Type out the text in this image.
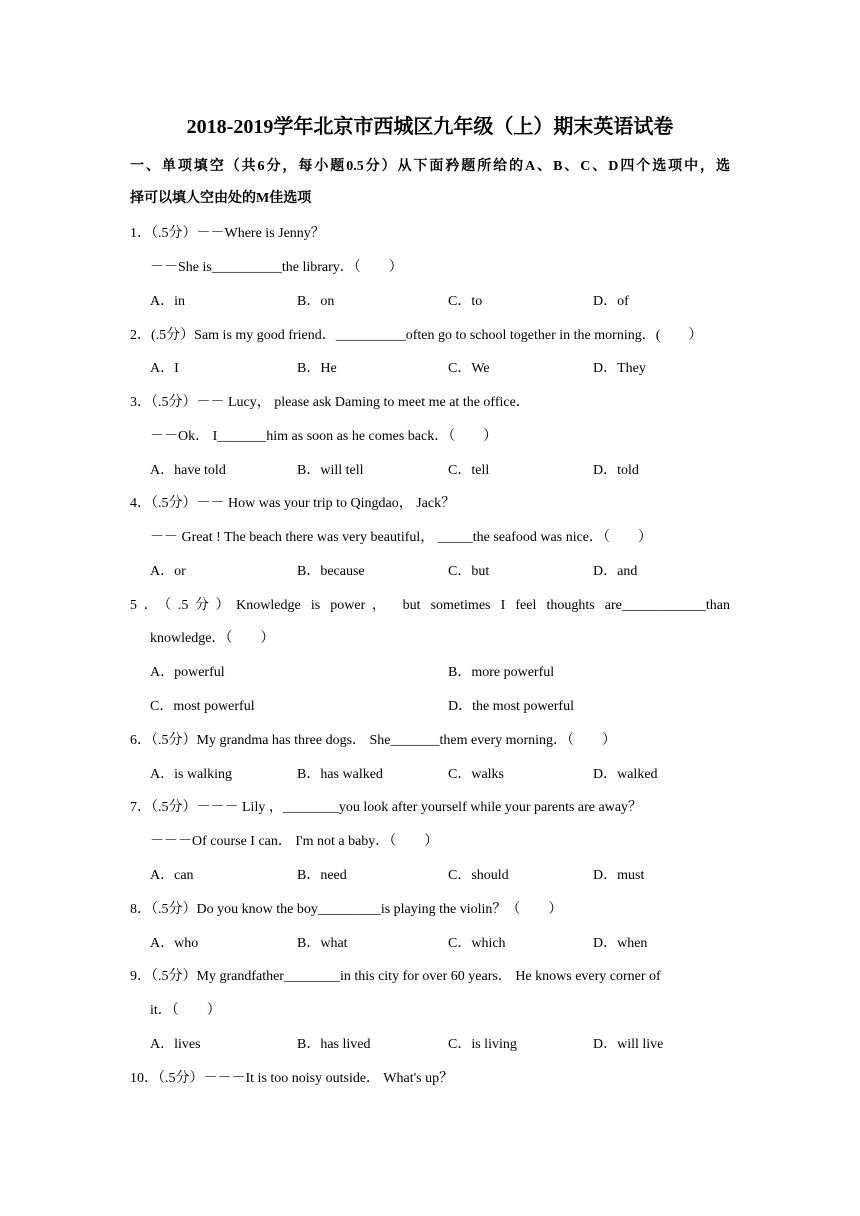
2018-2019学年北京市西城区九年级（上）期末英语试卷
一、单项填空（共6分，每小题0.5分）从下面矜题所给的A、B、C、D四个选项中，选
择可以填人空由处的M佳选项
1．（.5分）－－Where is Jenny？
－－She is__________the library．（　　）
A．in	B．on	C．to	D．of
2．(.5分）Sam is my good friend．__________often go to school together in the morning．(　　）
A．I	B．He	C．We	D．They
3．（.5分）－－ Lucy， please ask Daming to meet me at the office．
－－Ok． I_______him as soon as he comes back．（　　）
A．have told	B．will tell	C．tell	D．told
4．（.5分）－－ How was your trip to Qingdao， Jack？
－－ Great ! The beach there was very beautiful， _____the seafood was nice．（　　）
A．or	B．because	C．but	D．and
5．（.5分）Knowledge is power， but sometimes I feel thoughts are____________than
knowledge．（　　）
A．powerful	B．more powerful
C．most powerful	D．the most powerful
6．（.5分）My grandma has three dogs． She_______them every morning．（　　）
A．is walking	B．has walked	C．walks	D．walked
7．（.5分）－－－ Lily ，________you look after yourself while your parents are away？
－－－Of course I can． I'm not a baby．（　　）
A．can	B．need	C．should	D．must
8．（.5分）Do you know the boy_________is playing the violin？（　　）
A．who	B．what	C．which	D．when
9．（.5分）My grandfather________in this city for over 60 years． He knows every corner of
it．（　　）
A．lives	B．has lived	C．is living	D．will live
10．（.5分）－－－It is too noisy outside． What's up？
